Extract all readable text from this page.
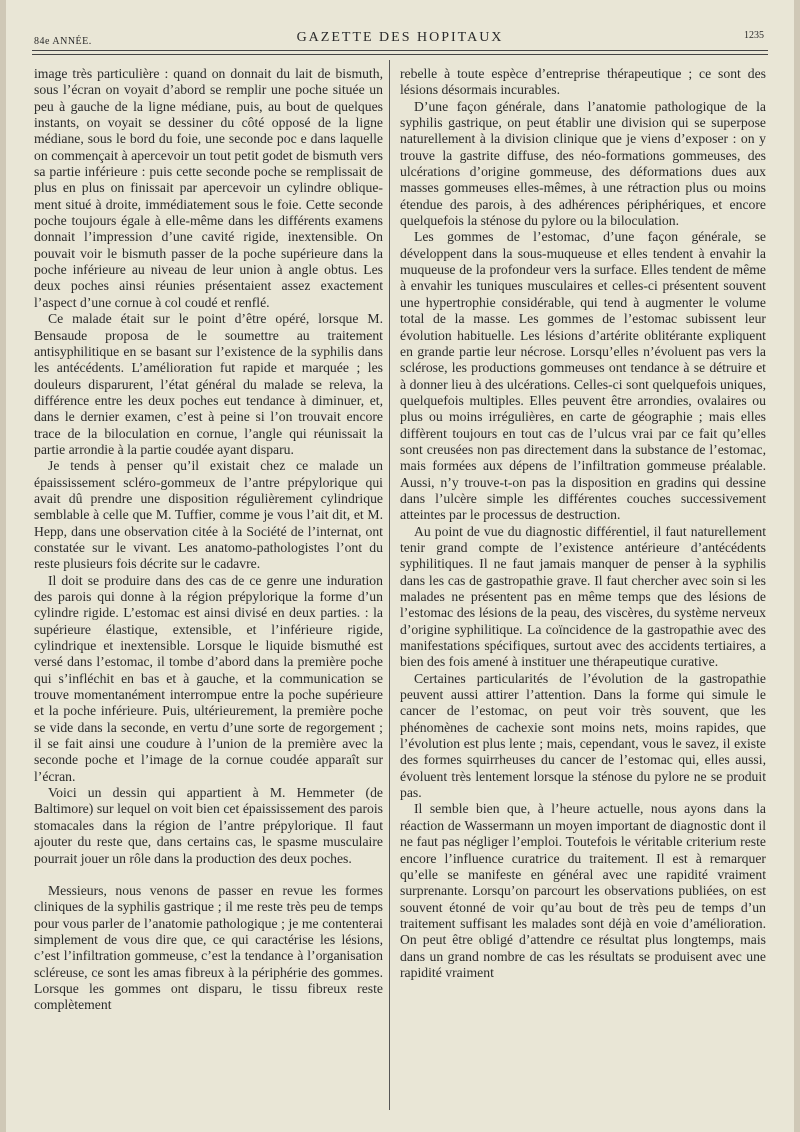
84e ANNÉE.	GAZETTE DES HOPITAUX	1235

image très particulière : quand on donnait du lait de bismuth, sous l’écran on voyait d’abord se remplir une poche située un peu à gauche de la ligne médiane, puis, au bout de quelques instants, on voyait se dessiner du côté opposé de la ligne médiane, sous le bord du foie, une seconde poc e dans laquelle on commençait à apercevoir un tout petit godet de bismuth vers sa partie inférieure : puis cette seconde poche se remplissait de plus en plus on finissait par apercevoir un cylindre oblique-ment situé à droite, immédiatement sous le foie. Cette seconde poche toujours égale à elle-même dans les différents examens donnait l’impression d’une cavité rigide, inextensible. On pouvait voir le bismuth passer de la poche supérieure dans la poche inférieure au niveau de leur union à angle obtus. Les deux poches ainsi réunies présentaient assez exactement l’aspect d’une cornue à col coudé et renflé.

Ce malade était sur le point d’être opéré, lorsque M. Bensaude proposa de le soumettre au traitement antisyphilitique en se basant sur l’existence de la syphilis dans les antécédents. L’amélioration fut rapide et marquée ; les douleurs disparurent, l’état général du malade se releva, la différence entre les deux poches eut tendance à diminuer, et, dans le dernier examen, c’est à peine si l’on trouvait encore trace de la biloculation en cornue, l’angle qui réunissait la partie arrondie à la partie coudée ayant disparu.

Je tends à penser qu’il existait chez ce malade un épaississement scléro-gommeux de l’antre prépylorique qui avait dû prendre une disposition régulièrement cylindrique semblable à celle que M. Tuffier, comme je vous l’ait dit, et M. Hepp, dans une observation citée à la Société de l’internat, ont constatée sur le vivant. Les anatomo-pathologistes l’ont du reste plusieurs fois décrite sur le cadavre.

Il doit se produire dans des cas de ce genre une induration des parois qui donne à la région prépylorique la forme d’un cylindre rigide. L’estomac est ainsi divisé en deux parties. : la supérieure élastique, extensible, et l’inférieure rigide, cylindrique et inextensible. Lorsque le liquide bismuthé est versé dans l’estomac, il tombe d’abord dans la première poche qui s’infléchit en bas et à gauche, et la communication se trouve momentanément interrompue entre la poche supérieure et la poche inférieure. Puis, ultérieurement, la première poche se vide dans la seconde, en vertu d’une sorte de regorgement ; il se fait ainsi une coudure à l’union de la première avec la seconde poche et l’image de la cornue coudée apparaît sur l’écran.

Voici un dessin qui appartient à M. Hemmeter (de Baltimore) sur lequel on voit bien cet épaississement des parois stomacales dans la région de l’antre prépylorique. Il faut ajouter du reste que, dans certains cas, le spasme musculaire pourrait jouer un rôle dans la production des deux poches.

Messieurs, nous venons de passer en revue les formes cliniques de la syphilis gastrique ; il me reste très peu de temps pour vous parler de l’anatomie pathologique ; je me contenterai simplement de vous dire que, ce qui caractérise les lésions, c’est l’infiltration gommeuse, c’est la tendance à l’organisation scléreuse, ce sont les amas fibreux à la périphérie des gommes. Lorsque les gommes ont disparu, le tissu fibreux reste complètement

rebelle à toute espèce d’entreprise thérapeutique ; ce sont des lésions désormais incurables.

D’une façon générale, dans l’anatomie pathologique de la syphilis gastrique, on peut établir une division qui se superpose naturellement à la division clinique que je viens d’exposer : on y trouve la gastrite diffuse, des néo-formations gommeuses, des ulcérations d’origine gommeuse, des déformations dues aux masses gommeuses elles-mêmes, à une rétraction plus ou moins étendue des parois, à des adhérences périphériques, et encore quelquefois la sténose du pylore ou la biloculation.

Les gommes de l’estomac, d’une façon générale, se développent dans la sous-muqueuse et elles tendent à envahir la muqueuse de la profondeur vers la surface. Elles tendent de même à envahir les tuniques musculaires et celles-ci présentent souvent une hypertrophie considérable, qui tend à augmenter le volume total de la masse. Les gommes de l’estomac subissent leur évolution habituelle. Les lésions d’artérite oblitérante expliquent en grande partie leur nécrose. Lorsqu’elles n’évoluent pas vers la sclérose, les productions gommeuses ont tendance à se détruire et à donner lieu à des ulcérations. Celles-ci sont quelquefois uniques, quelquefois multiples. Elles peuvent être arrondies, ovalaires ou plus ou moins irrégulières, en carte de géographie ; mais elles diffèrent toujours en tout cas de l’ulcus vrai par ce fait qu’elles sont creusées non pas directement dans la substance de l’estomac, mais formées aux dépens de l’infiltration gommeuse préalable. Aussi, n’y trouve-t-on pas la disposition en gradins qui dessine dans l’ulcère simple les différentes couches successivement atteintes par le processus de destruction.

Au point de vue du diagnostic différentiel, il faut naturellement tenir grand compte de l’existence antérieure d’antécédents syphilitiques. Il ne faut jamais manquer de penser à la syphilis dans les cas de gastropathie grave. Il faut chercher avec soin si les malades ne présentent pas en même temps que des lésions de l’estomac des lésions de la peau, des viscères, du système nerveux d’origine syphilitique. La coïncidence de la gastropathie avec des manifestations spécifiques, surtout avec des accidents tertiaires, a bien des fois amené à instituer une thérapeutique curative.

Certaines particularités de l’évolution de la gastropathie peuvent aussi attirer l’attention. Dans la forme qui simule le cancer de l’estomac, on peut voir très souvent, que les phénomènes de cachexie sont moins nets, moins rapides, que l’évolution est plus lente ; mais, cependant, vous le savez, il existe des formes squirrheuses du cancer de l’estomac qui, elles aussi, évoluent très lentement lorsque la sténose du pylore ne se produit pas.

Il semble bien que, à l’heure actuelle, nous ayons dans la réaction de Wassermann un moyen important de diagnostic dont il ne faut pas négliger l’emploi. Toutefois le véritable criterium reste encore l’influence curatrice du traitement. Il est à remarquer qu’elle se manifeste en général avec une rapidité vraiment surprenante. Lorsqu’on parcourt les observations publiées, on est souvent étonné de voir qu’au bout de très peu de temps d’un traitement suffisant les malades sont déjà en voie d’amélioration. On peut être obligé d’attendre ce résultat plus longtemps, mais dans un grand nombre de cas les résultats se produisent avec une rapidité vraiment
